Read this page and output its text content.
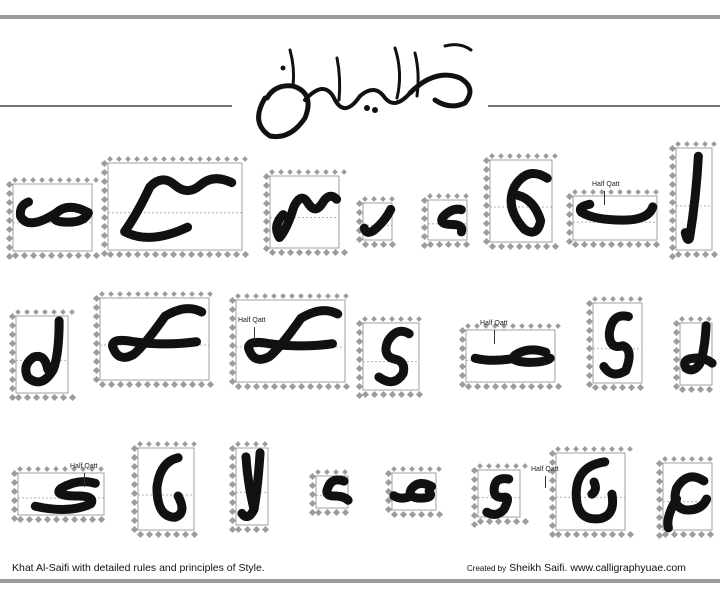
Half Qatt
Half Qatt	Half Qatt
Half Qatt	Half Qatt
Khat Al-Saifi with detailed rules and principles of Style.	Created by Sheikh Saifi. www.calligraphyuae.com
